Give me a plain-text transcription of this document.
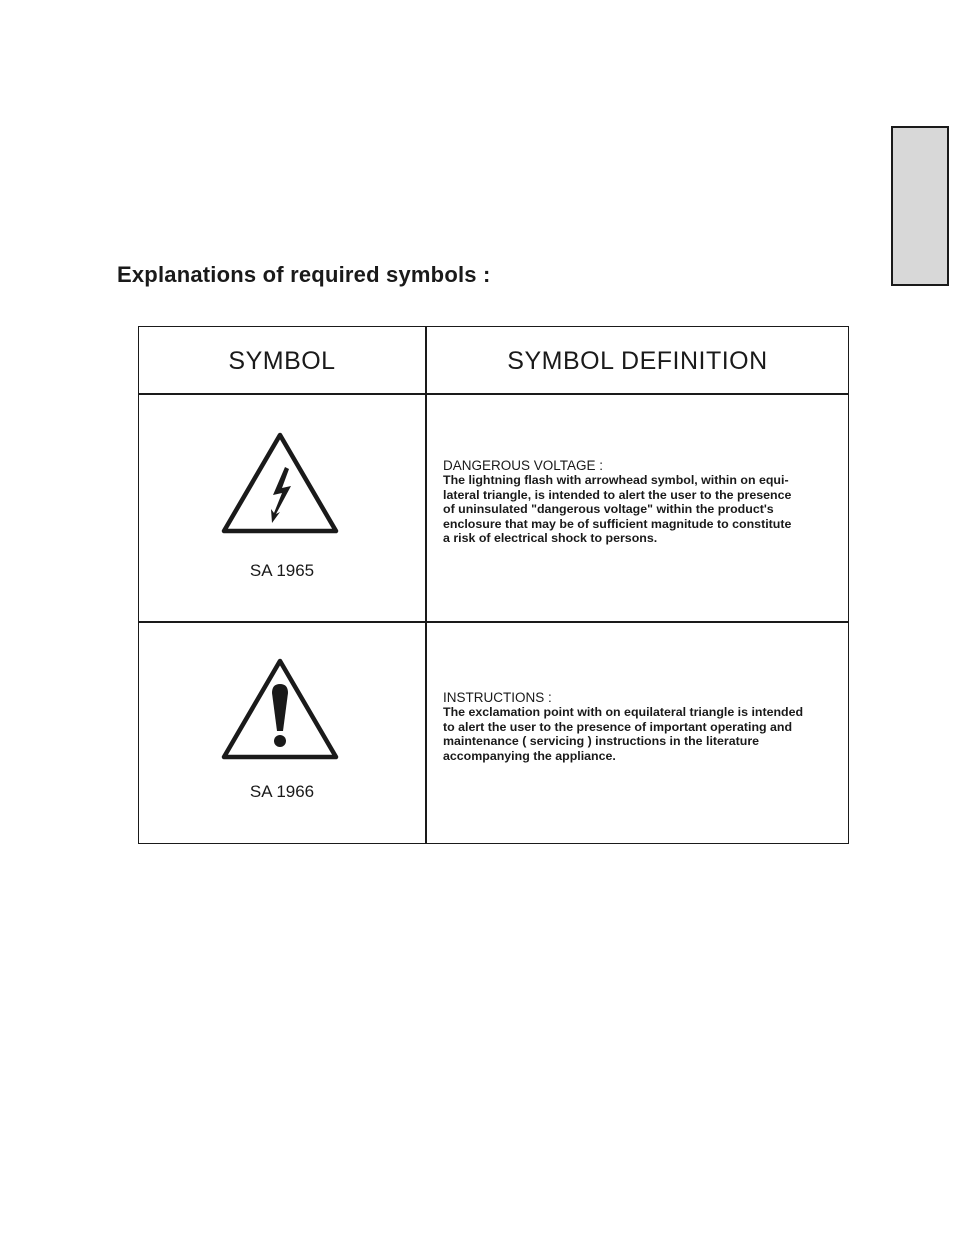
Explanations of required symbols :
SYMBOL	SYMBOL DEFINITION
SA 1965
DANGEROUS VOLTAGE :
The lightning flash with arrowhead symbol, within on equi-
lateral triangle, is intended to alert the user to the presence
of uninsulated "dangerous voltage" within the product's
enclosure that may be of sufficient magnitude to constitute
a risk of electrical shock to persons.
SA 1966
INSTRUCTIONS :
The exclamation point with on equilateral triangle is intended
to alert the user to the presence of important operating and
maintenance ( servicing ) instructions in the literature
accompanying the appliance.
